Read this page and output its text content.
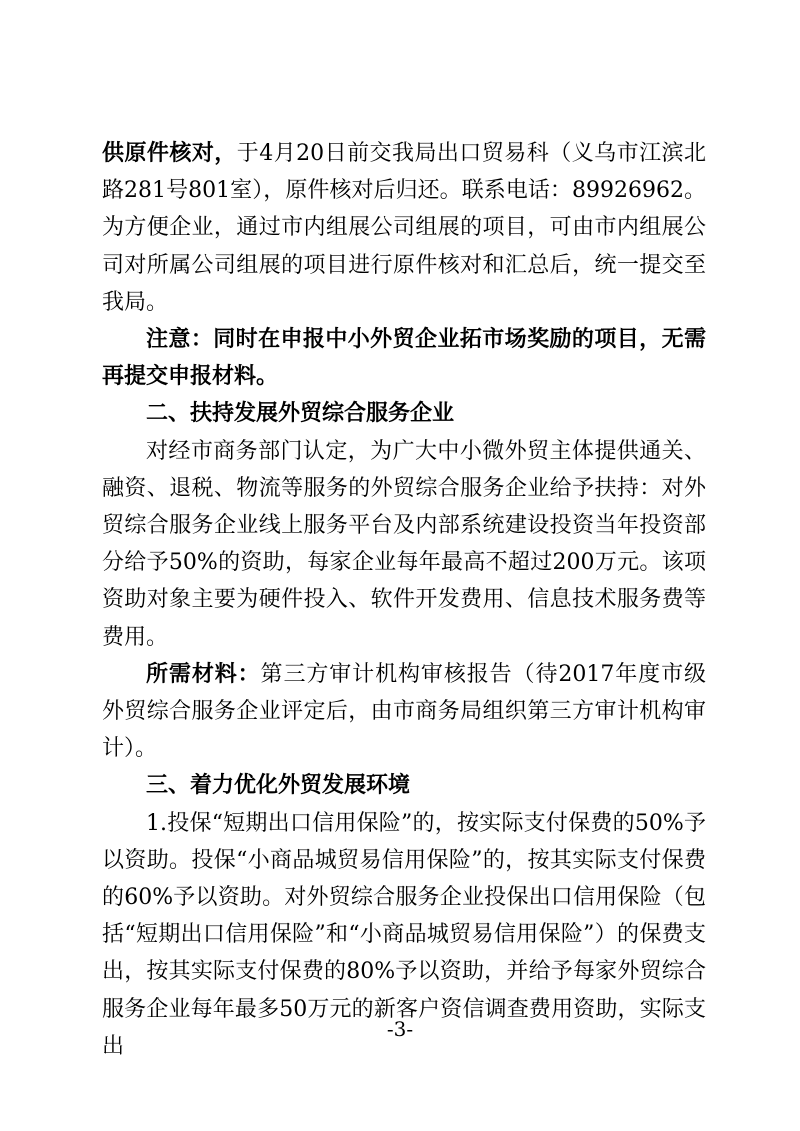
供原件核对，于4月20日前交我局出口贸易科（义乌市江滨北路281号801室），原件核对后归还。联系电话：89926962。为方便企业，通过市内组展公司组展的项目，可由市内组展公司对所属公司组展的项目进行原件核对和汇总后，统一提交至我局。

注意：同时在申报中小外贸企业拓市场奖励的项目，无需再提交申报材料。

二、扶持发展外贸综合服务企业

对经市商务部门认定，为广大中小微外贸主体提供通关、融资、退税、物流等服务的外贸综合服务企业给予扶持：对外贸综合服务企业线上服务平台及内部系统建设投资当年投资部分给予50%的资助，每家企业每年最高不超过200万元。该项资助对象主要为硬件投入、软件开发费用、信息技术服务费等费用。

所需材料：第三方审计机构审核报告（待2017年度市级外贸综合服务企业评定后，由市商务局组织第三方审计机构审计）。

三、着力优化外贸发展环境

1.投保“短期出口信用保险”的，按实际支付保费的50%予以资助。投保“小商品城贸易信用保险”的，按其实际支付保费的60%予以资助。对外贸综合服务企业投保出口信用保险（包括“短期出口信用保险”和“小商品城贸易信用保险”）的保费支出，按其实际支付保费的80%予以资助，并给予每家外贸综合服务企业每年最多50万元的新客户资信调查费用资助，实际支出

-3-
